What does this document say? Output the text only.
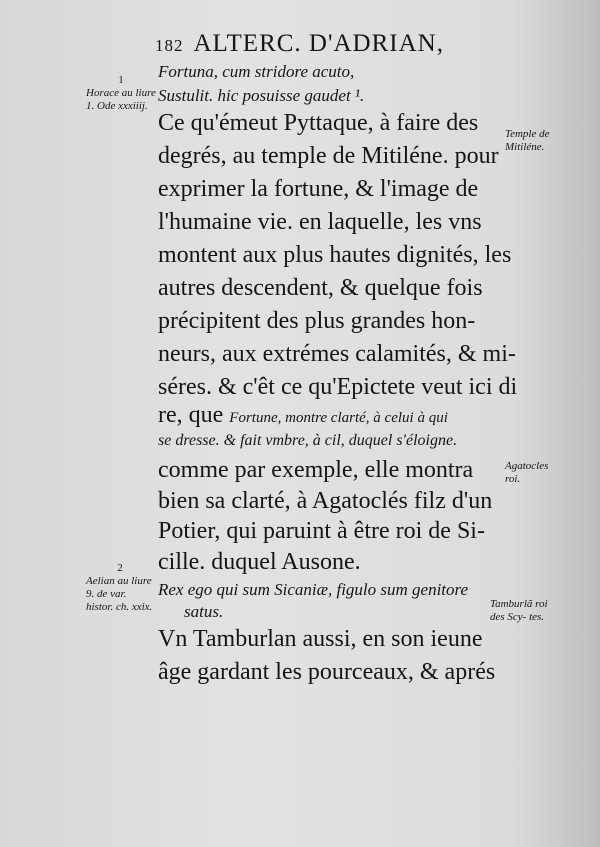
182 ALTERC. D'ADRIAN,
Fortuna, cum stridore acuto,
Sustulit. hic posuisse gaudet ¹.
Ce qu'émeut Pyttaque, à faire des
degrés, au temple de Mitiléne. pour
exprimer la fortune, & l'image de
l'humaine vie. en laquelle, les vns
montent aux plus hautes dignités, les
autres descendent, & quelque fois
précipitent des plus grandes hon-
neurs, aux extrémes calamités, & mi-
séres. & c'êt ce qu'Epictete veut ici di
re, que Fortune, montre clarté, à celui à qui
se dresse. & fait vmbre, à cil, duquel s'éloigne.
comme par exemple, elle montra
bien sa clarté, à Agatoclés filz d'un
Potier, qui paruint à être roi de Si-
cille. duquel Ausone.
Rex ego qui sum Sicaniæ, figulo sum genitore
satus.
Vn Tamburlan aussi, en son ieune
âge gardant les pourceaux, & aprés
1
Horace au liure 1. Ode xxxiiij.
2
Aelian au liure 9. de var. histor. ch. xxix.
Temple de Mitiléne.
Agatocles roi.
Tamburlã roi des Scy- tes.
